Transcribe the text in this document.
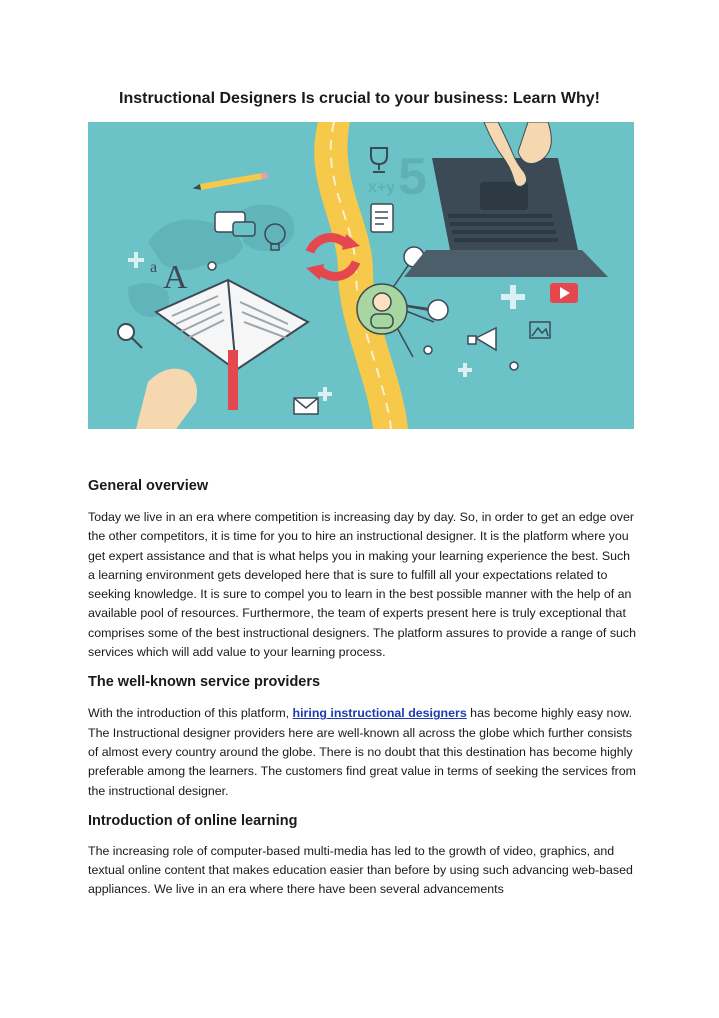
Instructional Designers Is crucial to your business: Learn Why!
x+y 5
A
a
General overview

Today we live in an era where competition is increasing day by day. So, in order to get an edge over the other competitors, it is time for you to hire an instructional designer. It is the platform where you get expert assistance and that is what helps you in making your learning experience the best. Such a learning environment gets developed here that is sure to fulfill all your expectations related to seeking knowledge. It is sure to compel you to learn in the best possible manner with the help of an available pool of resources. Furthermore, the team of experts present here is truly exceptional that comprises some of the best instructional designers. The platform assures to provide a range of such services which will add value to your learning process.

The well-known service providers

With the introduction of this platform, hiring instructional designers has become highly easy now. The Instructional designer providers here are well-known all across the globe which further consists of almost every country around the globe. There is no doubt that this destination has become highly preferable among the learners. The customers find great value in terms of seeking the services from the instructional designer.

Introduction of online learning

The increasing role of computer-based multi-media has led to the growth of video, graphics, and textual online content that makes education easier than before by using such advancing web-based appliances. We live in an era where there have been several advancements
